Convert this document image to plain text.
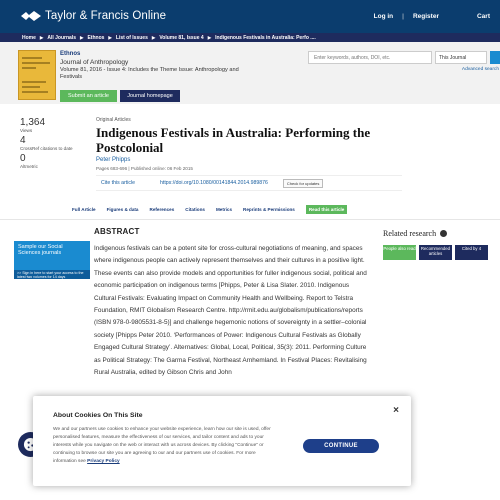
Taylor & Francis Online	Log in | Register	Cart
Home ▶ All Journals ▶ Ethnos ▶ List of Issues ▶ Volume 81, Issue 4 ▶ Indigenous Festivals in Australia: Perfo ....
Ethnos
Journal of Anthropology
Volume 81, 2016 - Issue 4: Includes the Theme Issue: Anthropology and Festivals
Submit an article	Journal homepage
Enter keywords, authors, DOI, etc.
This Journal
Advanced search
1,364
Views
4
CrossRef citations to date
0
Altmetric
Original Articles
Indigenous Festivals in Australia: Performing the Postcolonial
Peter Phipps
Pages 683-696 | Published online: 06 Feb 2015
Cite this article	https://doi.org/10.1080/00141844.2014.989876	Check for updates
Full Article Figures & data References Citations Metrics Reprints & Permissions	Read this article
Sample our Social Sciences journals
>> Sign in here to start your access to the latest two volumes for 14 days
ABSTRACT

Indigenous festivals can be a potent site for cross-cultural negotiations of meaning, and spaces where indigenous people can actively represent themselves and their cultures in a positive light. These events can also provide models and opportunities for fuller indigenous social, political and economic participation on indigenous terms [Phipps, Peter & Lisa Slater. 2010. Indigenous Cultural Festivals: Evaluating Impact on Community Health and Wellbeing. Report to Telstra Foundation, RMIT Globalism Research Centre. http://rmit.edu.au/globalism/publications/reports (ISBN 978-0-9805531-8-5)] and challenge hegemonic notions of sovereignty in a settler–colonial society [Phipps Peter 2010. ‘Performances of Power: Indigenous Cultural Festivals as Globally Engaged Cultural Strategy’. Alternatives: Global, Local, Political, 35(3): 2011. Performing Culture as Political Strategy: The Garma Festival, Northeast Arnhemland. In Festival Places: Revitalising Rural Australia, edited by Gibson Chris and John

Related research
People also read	Recommended articles
Cited by 4
About Cookies On This Site

We and our partners use cookies to enhance your website experience, learn how our site is used, offer personalised features, measure the effectiveness of our services, and tailor content and ads to your interests while you navigate on the web or interact with us across devices. By clicking "Continue" or continuing to browse our site you are agreeing to our and our partners use of cookies. For more information see Privacy Policy

×
CONTINUE
